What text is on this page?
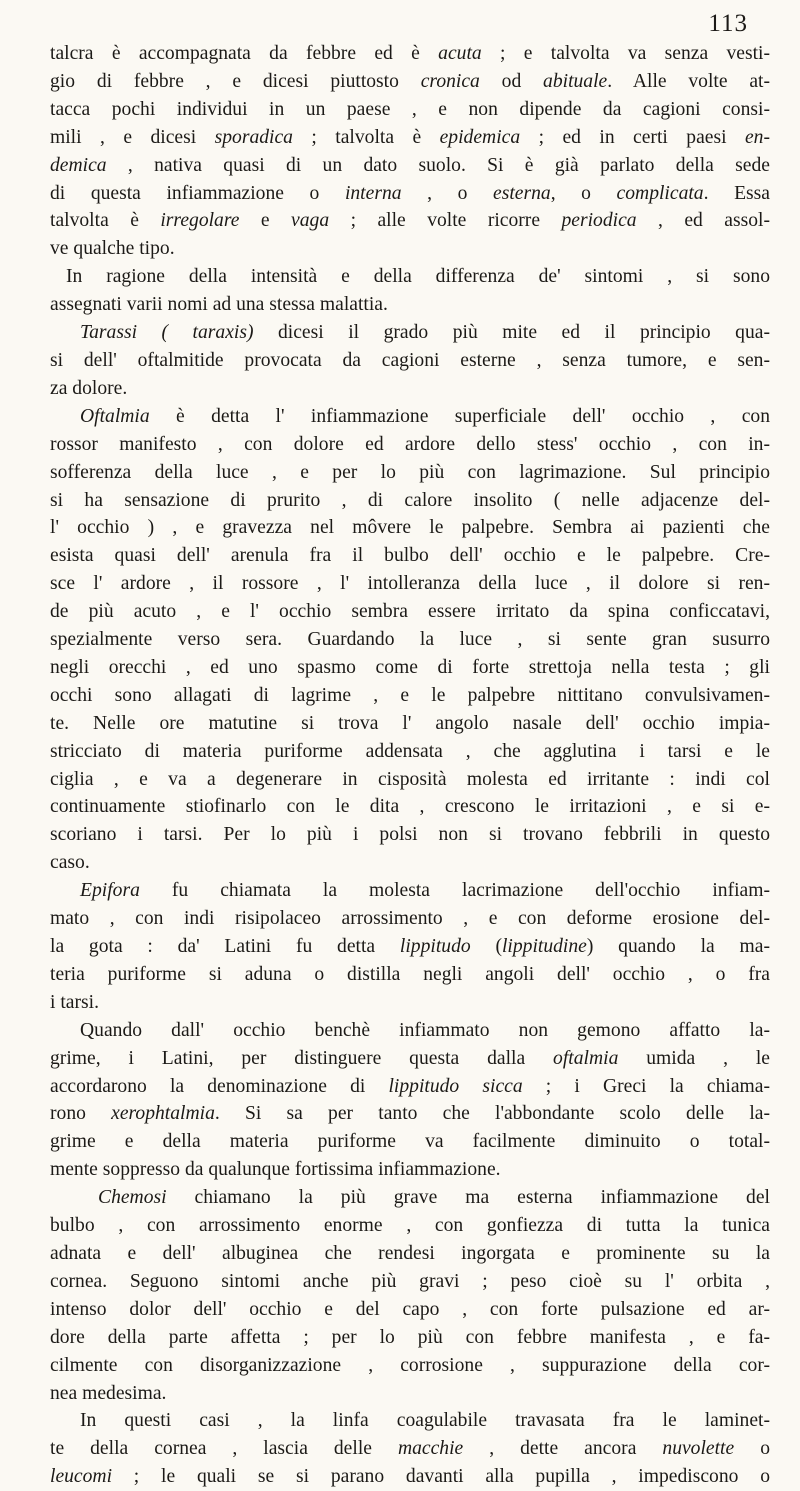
113
talcra è accompagnata da febbre ed è acuta ; e talvolta va senza vesti-
gio di febbre , e dicesi piuttosto cronica od abituale. Alle volte at-
tacca pochi individui in un paese , e non dipende da cagioni consi-
mili , e dicesi sporadica ; talvolta è epidemica ; ed in certi paesi en-
demica , nativa quasi di un dato suolo. Si è già parlato della sede
di questa infiammazione o interna , o esterna, o complicata. Essa
talvolta è irregolare e vaga ; alle volte ricorre periodica , ed assol-
ve qualche tipo.
In ragione della intensità e della differenza de' sintomi , si sono
assegnati varii nomi ad una stessa malattia.
Tarassi ( taraxis) dicesi il grado più mite ed il principio qua-
si dell' oftalmitide provocata da cagioni esterne , senza tumore, e sen-
za dolore.
Oftalmia è detta l' infiammazione superficiale dell' occhio , con
rossor manifesto , con dolore ed ardore dello stess' occhio , con in-
sofferenza della luce , e per lo più con lagrimazione. Sul principio
si ha sensazione di prurito , di calore insolito ( nelle adjacenze del-
l' occhio ) , e gravezza nel môvere le palpebre. Sembra ai pazienti che
esista quasi dell' arenula fra il bulbo dell' occhio e le palpebre. Cre-
sce l' ardore , il rossore , l' intolleranza della luce , il dolore si ren-
de più acuto , e l' occhio sembra essere irritato da spina conficcatavi,
spezialmente verso sera. Guardando la luce , si sente gran susurro
negli orecchi , ed uno spasmo come di forte strettoja nella testa ; gli
occhi sono allagati di lagrime , e le palpebre nittitano convulsivamen-
te. Nelle ore matutine si trova l' angolo nasale dell' occhio impia-
stricciato di materia puriforme addensata , che agglutina i tarsi e le
ciglia , e va a degenerare in cisposità molesta ed irritante : indi col
continuamente stiofinarlo con le dita , crescono le irritazioni , e si e-
scoriano i tarsi. Per lo più i polsi non si trovano febbrili in questo
caso.
Epifora fu chiamata la molesta lacrimazione dell'occhio infiam-
mato , con indi risipolaceo arrossimento , e con deforme erosione del-
la gota : da' Latini fu detta lippitudo (lippitudine) quando la ma-
teria puriforme si aduna o distilla negli angoli dell' occhio , o fra
i tarsi.
Quando dall' occhio benchè infiammato non gemono affatto la-
grime, i Latini, per distinguere questa dalla oftalmia umida , le
accordarono la denominazione di lippitudo sicca ; i Greci la chiama-
rono xerophtalmia. Si sa per tanto che l'abbondante scolo delle la-
grime e della materia puriforme va facilmente diminuito o total-
mente soppresso da qualunque fortissima infiammazione.
Chemosi chiamano la più grave ma esterna infiammazione del
bulbo , con arrossimento enorme , con gonfiezza di tutta la tunica
adnata e dell' albuginea che rendesi ingorgata e prominente su la
cornea. Seguono sintomi anche più gravi ; peso cioè su l' orbita ,
intenso dolor dell' occhio e del capo , con forte pulsazione ed ar-
dore della parte affetta ; per lo più con febbre manifesta , e fa-
cilmente con disorganizzazione , corrosione , suppurazione della cor-
nea medesima.
In questi casi , la linfa coagulabile travasata fra le laminet-
te della cornea , lascia delle macchie , dette ancora nuvolette o
leucomi ; le quali se si parano davanti alla pupilla , impediscono o
